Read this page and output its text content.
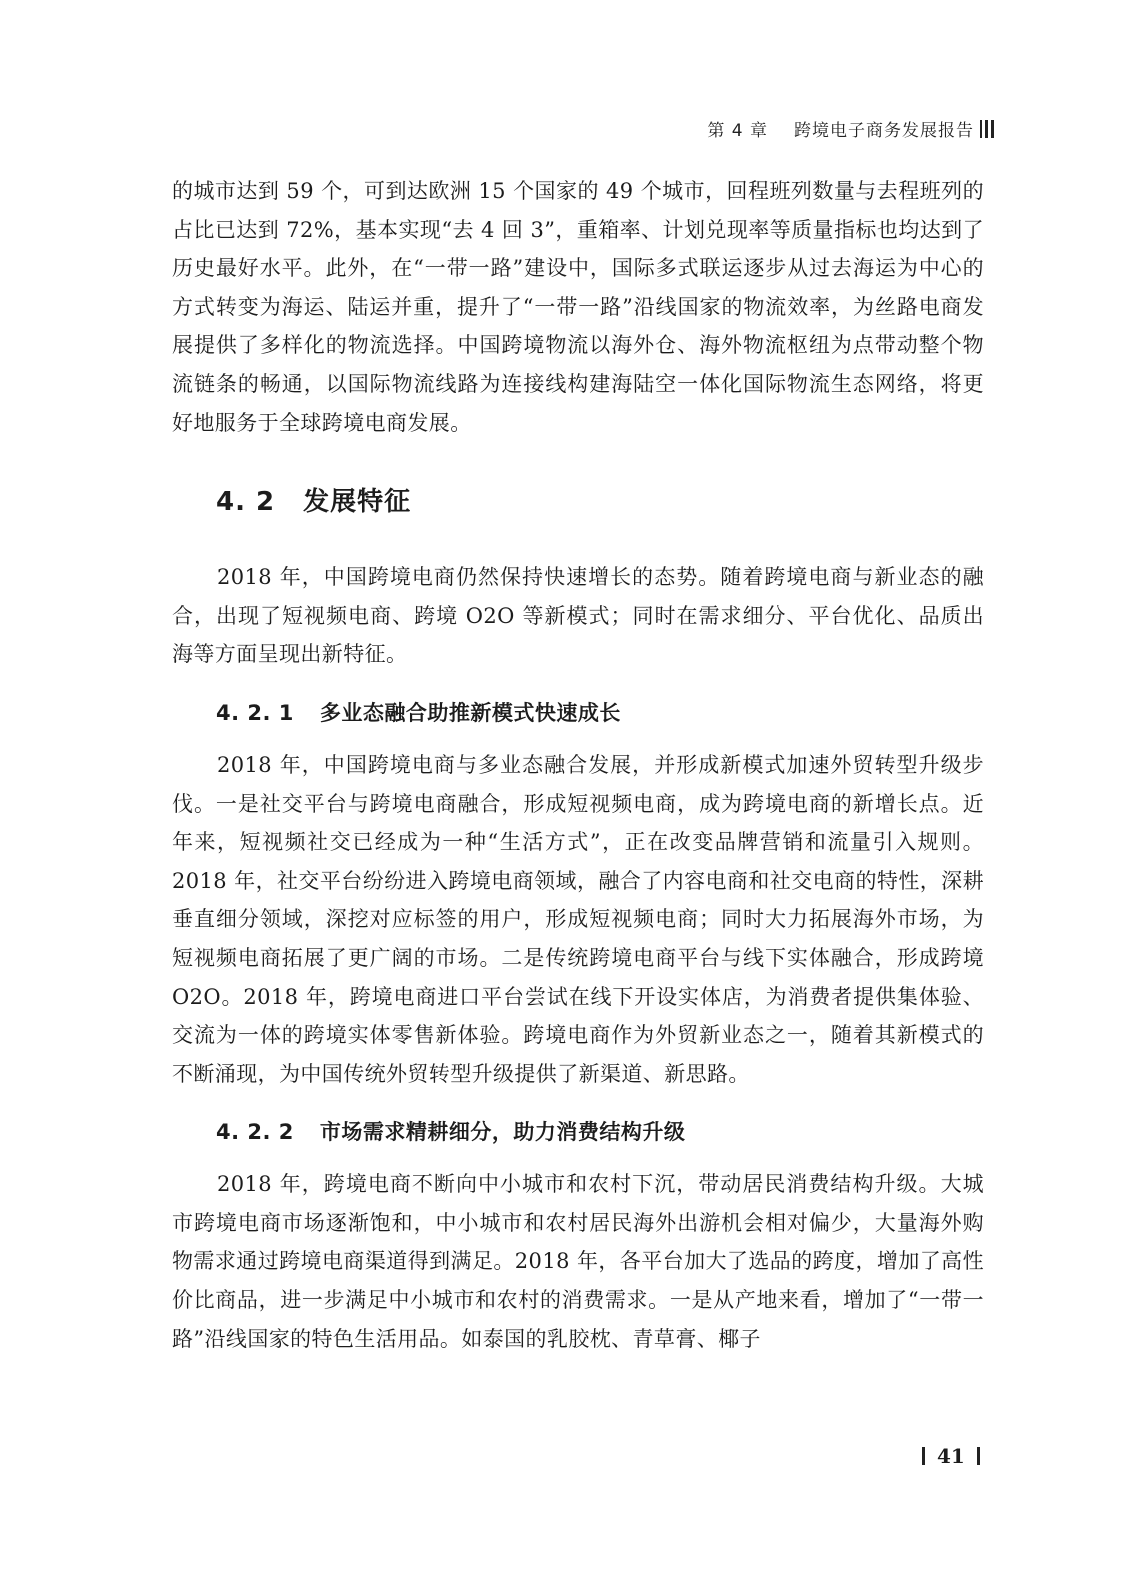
第 4 章 跨境电子商务发展报告

的城市达到 59 个，可到达欧洲 15 个国家的 49 个城市，回程班列数量与去程班列的占比已达到 72%，基本实现“去 4 回 3”，重箱率、计划兑现率等质量指标也均达到了历史最好水平。此外，在“一带一路”建设中，国际多式联运逐步从过去海运为中心的方式转变为海运、陆运并重，提升了“一带一路”沿线国家的物流效率，为丝路电商发展提供了多样化的物流选择。中国跨境物流以海外仓、海外物流枢纽为点带动整个物流链条的畅通，以国际物流线路为连接线构建海陆空一体化国际物流生态网络，将更好地服务于全球跨境电商发展。

4. 2 发展特征

2018 年，中国跨境电商仍然保持快速增长的态势。随着跨境电商与新业态的融合，出现了短视频电商、跨境 O2O 等新模式；同时在需求细分、平台优化、品质出海等方面呈现出新特征。

4. 2. 1 多业态融合助推新模式快速成长

2018 年，中国跨境电商与多业态融合发展，并形成新模式加速外贸转型升级步伐。一是社交平台与跨境电商融合，形成短视频电商，成为跨境电商的新增长点。近年来，短视频社交已经成为一种“生活方式”，正在改变品牌营销和流量引入规则。2018 年，社交平台纷纷进入跨境电商领域，融合了内容电商和社交电商的特性，深耕垂直细分领域，深挖对应标签的用户，形成短视频电商；同时大力拓展海外市场，为短视频电商拓展了更广阔的市场。二是传统跨境电商平台与线下实体融合，形成跨境 O2O。2018 年，跨境电商进口平台尝试在线下开设实体店，为消费者提供集体验、交流为一体的跨境实体零售新体验。跨境电商作为外贸新业态之一，随着其新模式的不断涌现，为中国传统外贸转型升级提供了新渠道、新思路。

4. 2. 2 市场需求精耕细分，助力消费结构升级

2018 年，跨境电商不断向中小城市和农村下沉，带动居民消费结构升级。大城市跨境电商市场逐渐饱和，中小城市和农村居民海外出游机会相对偏少，大量海外购物需求通过跨境电商渠道得到满足。2018 年，各平台加大了选品的跨度，增加了高性价比商品，进一步满足中小城市和农村的消费需求。一是从产地来看，增加了“一带一路”沿线国家的特色生活用品。如泰国的乳胶枕、青草膏、椰子

41
